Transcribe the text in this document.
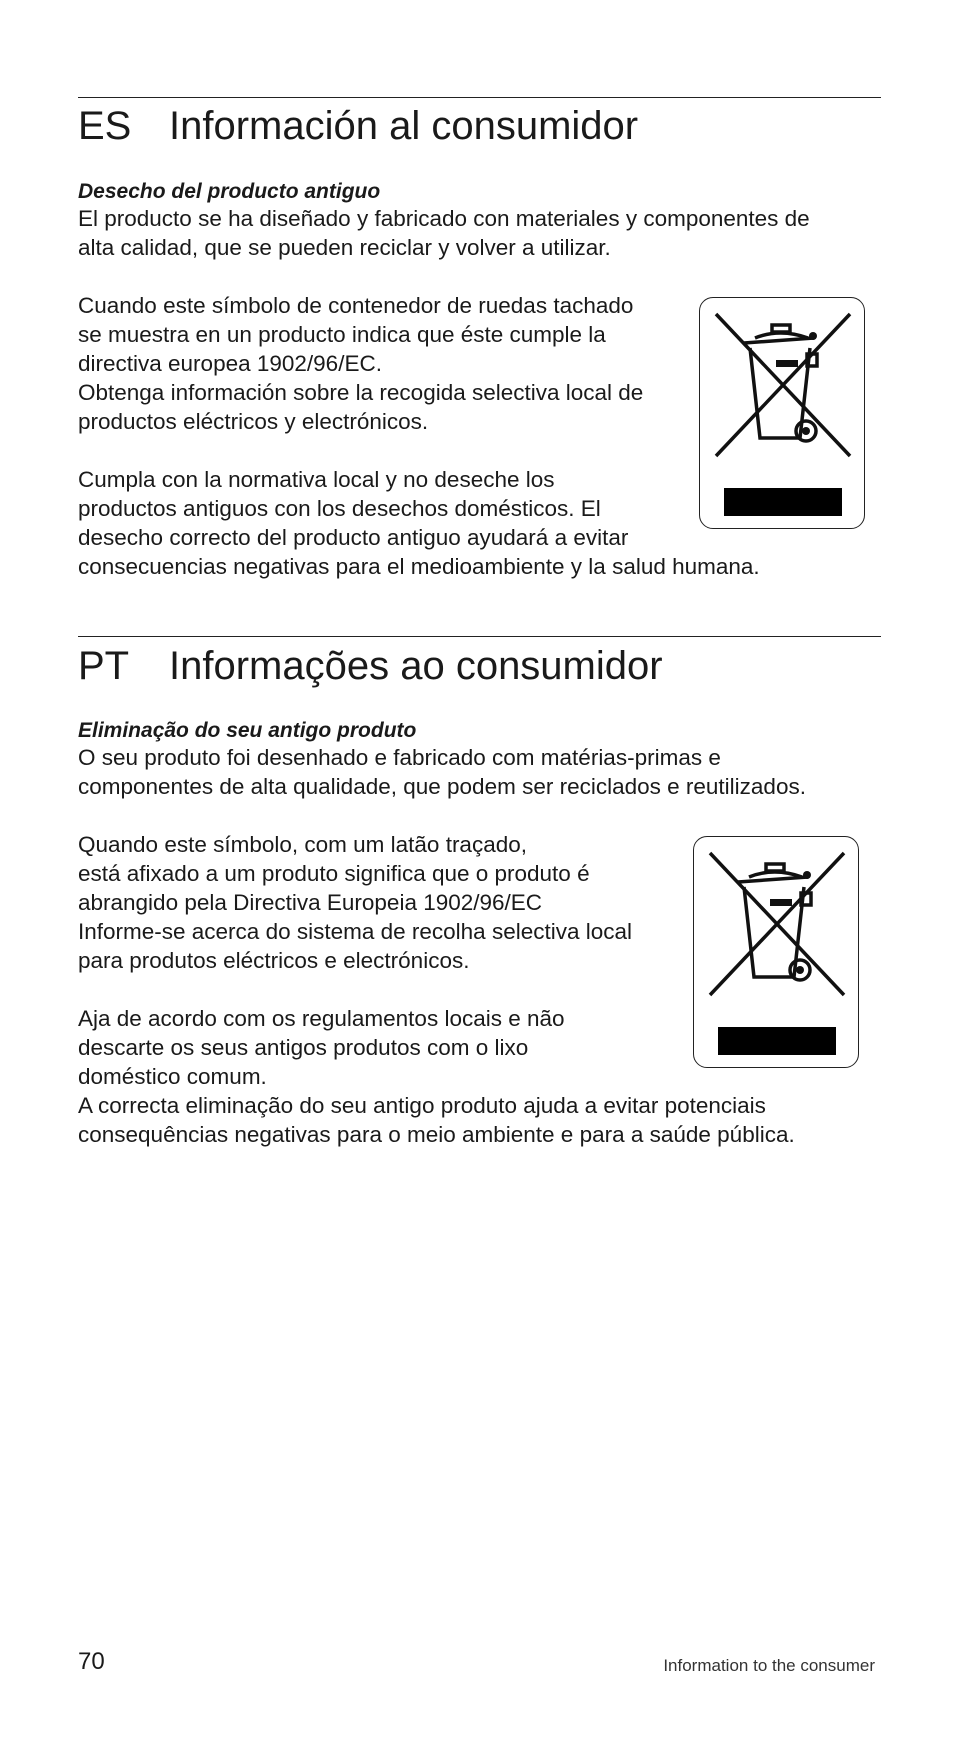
ES Información al consumidor
Desecho del producto antiguo

El producto se ha diseñado y fabricado con materiales y componentes de
alta calidad, que se pueden reciclar y volver a utilizar.

Cuando este símbolo de contenedor de ruedas tachado
se muestra en un producto indica que éste cumple la
directiva europea 1902/96/EC.
Obtenga información sobre la recogida selectiva local de
productos eléctricos y electrónicos.

Cumpla con la normativa local y no deseche los
productos antiguos con los desechos domésticos. El
desecho correcto del producto antiguo ayudará a evitar
consecuencias negativas para el medioambiente y la salud humana.

PT Informações ao consumidor
Eliminação do seu antigo produto

O seu produto foi desenhado e fabricado com matérias-primas e
componentes de alta qualidade, que podem ser reciclados e reutilizados.

Quando este símbolo, com um latão traçado,
está afixado a um produto significa que o produto é
abrangido pela Directiva Europeia 1902/96/EC
Informe-se acerca do sistema de recolha selectiva local
para produtos eléctricos e electrónicos.

Aja de acordo com os regulamentos locais e não
descarte os seus antigos produtos com o lixo
doméstico comum.
A correcta eliminação do seu antigo produto ajuda a evitar potenciais
consequências negativas para o meio ambiente e para a saúde pública.

70	Information to the consumer
